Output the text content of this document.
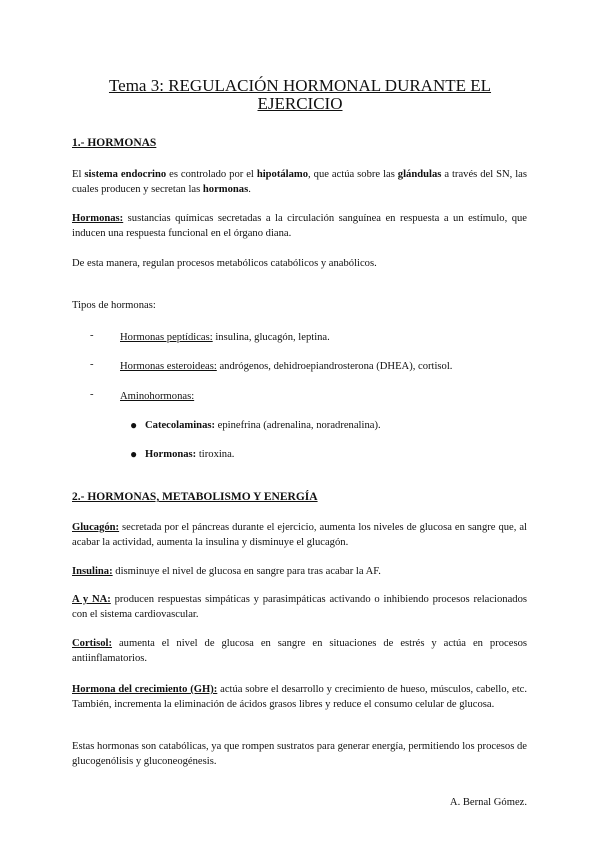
Tema 3: REGULACIÓN HORMONAL DURANTE EL
EJERCICIO
1.- HORMONAS
El sistema endocrino es controlado por el hipotálamo, que actúa sobre las glándulas a través del SN, las cuales producen y secretan las hormonas.
Hormonas: sustancias químicas secretadas a la circulación sanguínea en respuesta a un estímulo, que inducen una respuesta funcional en el órgano diana.
De esta manera, regulan procesos metabólicos catabólicos y anabólicos.
Tipos de hormonas:
- Hormonas peptídicas: insulina, glucagón, leptina.
- Hormonas esteroideas: andrógenos, dehidroepiandrosterona (DHEA), cortisol.
- Aminohormonas:
● Catecolaminas: epinefrina (adrenalina, noradrenalina).
● Hormonas: tiroxina.
2.- HORMONAS, METABOLISMO Y ENERGÍA
Glucagón: secretada por el páncreas durante el ejercicio, aumenta los niveles de glucosa en sangre que, al acabar la actividad, aumenta la insulina y disminuye el glucagón.
Insulina: disminuye el nivel de glucosa en sangre para tras acabar la AF.
A y NA: producen respuestas simpáticas y parasimpáticas activando o inhibiendo procesos relacionados con el sistema cardiovascular.
Cortisol: aumenta el nivel de glucosa en sangre en situaciones de estrés y actúa en procesos antiinflamatorios.
Hormona del crecimiento (GH): actúa sobre el desarrollo y crecimiento de hueso, músculos, cabello, etc. También, incrementa la eliminación de ácidos grasos libres y reduce el consumo celular de glucosa.
Estas hormonas son catabólicas, ya que rompen sustratos para generar energía, permitiendo los procesos de glucogenólisis y gluconeogénesis.
A. Bernal Gómez.
